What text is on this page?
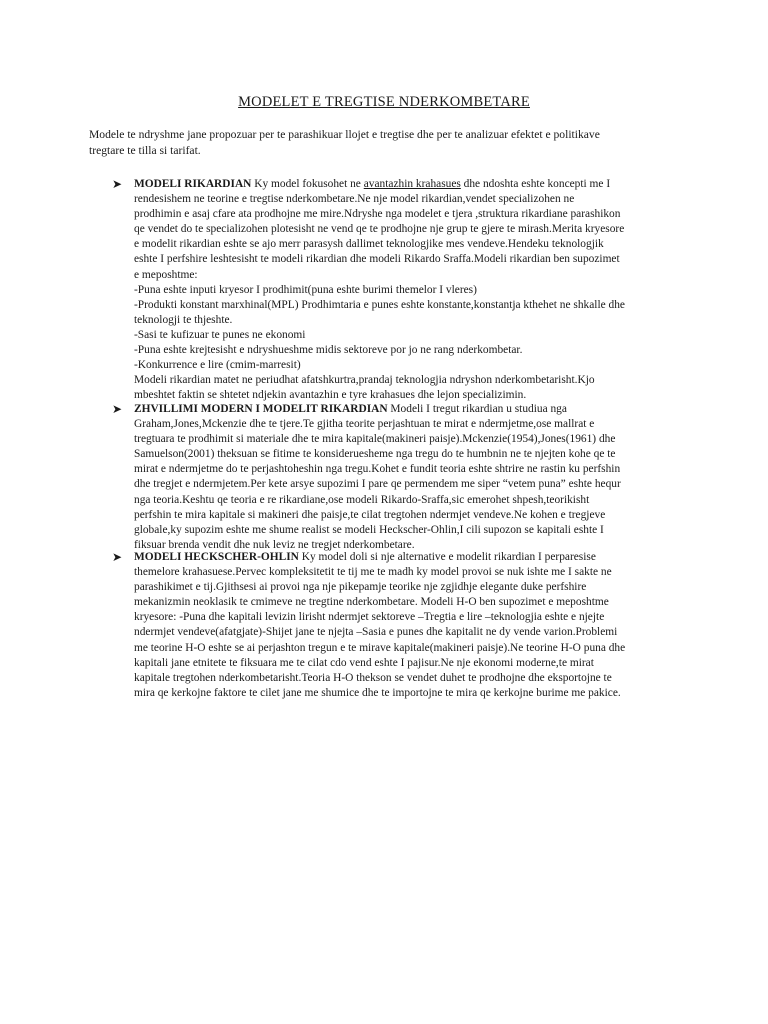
MODELET E TREGTISE NDERKOMBETARE
Modele te ndryshme jane propozuar per te parashikuar llojet e tregtise dhe per te analizuar efektet e politikave
tregtare te tilla si tarifat.
➤ MODELI RIKARDIAN Ky model fokusohet ne avantazhin krahasues dhe ndoshta eshte koncepti me I
rendesishem ne teorine e tregtise nderkombetare.Ne nje model rikardian,vendet specializohen ne
prodhimin e asaj cfare ata prodhojne me mire.Ndryshe nga modelet e tjera ,struktura rikardiane parashikon
qe vendet do te specializohen plotesisht ne vend qe te prodhojne nje grup te gjere te mirash.Merita kryesore
e modelit rikardian eshte se ajo merr parasysh dallimet teknologjike mes vendeve.Hendeku teknologjik
eshte I perfshire leshtesisht te modeli rikardian dhe modeli Rikardo Sraffa.Modeli rikardian ben supozimet
e meposhtme:
-Puna eshte inputi kryesor I prodhimit(puna eshte burimi themelor I vleres)
-Produkti konstant marxhinal(MPL) Prodhimtaria e punes eshte konstante,konstantja kthehet ne shkalle dhe
teknologji te thjeshte.
-Sasi te kufizuar te punes ne ekonomi
-Puna eshte krejtesisht e ndryshueshme midis sektoreve por jo ne rang nderkombetar.
-Konkurrence e lire (cmim-marresit)
Modeli rikardian matet ne periudhat afatshkurtra,prandaj teknologjia ndryshon nderkombetarisht.Kjo
mbeshtet faktin se shtetet ndjekin avantazhin e tyre krahasues dhe lejon specializimin.
➤ ZHVILLIMI MODERN I MODELIT RIKARDIAN Modeli I tregut rikardian u studiua nga
Graham,Jones,Mckenzie dhe te tjere.Te gjitha teorite perjashtuan te mirat e ndermjetme,ose mallrat e
tregtuara te prodhimit si materiale dhe te mira kapitale(makineri paisje).Mckenzie(1954),Jones(1961) dhe
Samuelson(2001) theksuan se fitime te konsideruesheme nga tregu do te humbnin ne te njejten kohe qe te
mirat e ndermjetme do te perjashtoheshin nga tregu.Kohet e fundit teoria eshte shtrire ne rastin ku perfshin
dhe tregjet e ndermjetem.Per kete arsye supozimi I pare qe permendem me siper “vetem puna” eshte hequr
nga teoria.Keshtu qe teoria e re rikardiane,ose modeli Rikardo-Sraffa,sic emerohet shpesh,teorikisht
perfshin te mira kapitale si makineri dhe paisje,te cilat tregtohen ndermjet vendeve.Ne kohen e tregjeve
globale,ky supozim eshte me shume realist se modeli Heckscher-Ohlin,I cili supozon se kapitali eshte I
fiksuar brenda vendit dhe nuk leviz ne tregjet nderkombetare.
➤ MODELI HECKSCHER-OHLIN Ky model doli si nje alternative e modelit rikardian I perparesise
themelore krahasuese.Pervec kompleksitetit te tij me te madh ky model provoi se nuk ishte me I sakte ne
parashikimet e tij.Gjithsesi ai provoi nga nje pikepamje teorike nje zgjidhje elegante duke perfshire
mekanizmin neoklasik te cmimeve ne tregtine nderkombetare. Modeli H-O ben supozimet e meposhtme
kryesore: -Puna dhe kapitali levizin lirisht ndermjet sektoreve –Tregtia e lire –teknologjia eshte e njejte
ndermjet vendeve(afatgjate)-Shijet jane te njejta –Sasia e punes dhe kapitalit ne dy vende varion.Problemi
me teorine H-O eshte se ai perjashton tregun e te mirave kapitale(makineri paisje).Ne teorine H-O puna dhe
kapitali jane etnitete te fiksuara me te cilat cdo vend eshte I pajisur.Ne nje ekonomi moderne,te mirat
kapitale tregtohen nderkombetarisht.Teoria H-O thekson se vendet duhet te prodhojne dhe eksportojne te
mira qe kerkojne faktore te cilet jane me shumice dhe te importojne te mira qe kerkojne burime me pakice.
